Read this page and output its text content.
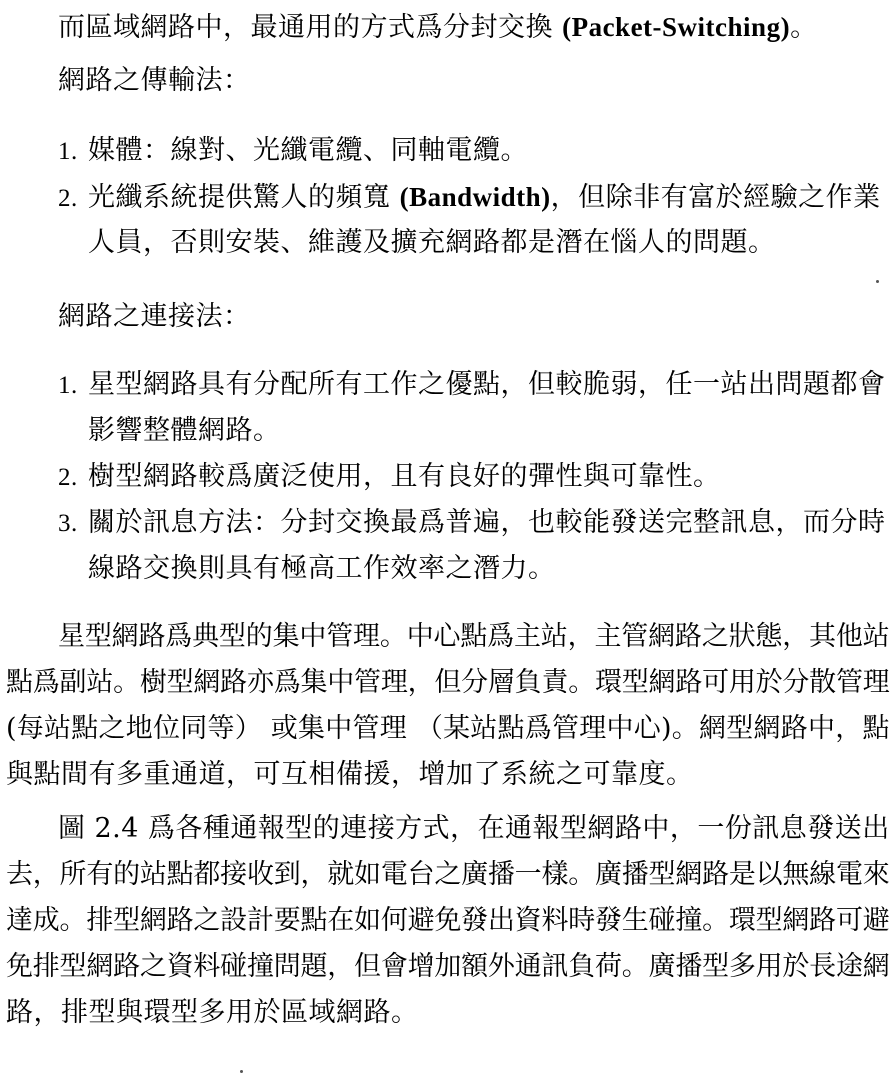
而區域網路中，最通用的方式爲分封交換 (Packet-Switching)。
網路之傳輸法：
1. 媒體：線對、光纖電纜、同軸電纜。
2. 光纖系統提供驚人的頻寬 (Bandwidth)，但除非有富於經驗之作業
人員，否則安裝、維護及擴充網路都是潛在惱人的問題。
網路之連接法：
1. 星型網路具有分配所有工作之優點，但較脆弱，任一站出問題都會
影響整體網路。
2. 樹型網路較爲廣泛使用，且有良好的彈性與可靠性。
3. 關於訊息方法：分封交換最爲普遍，也較能發送完整訊息，而分時
線路交換則具有極高工作效率之潛力。
星型網路爲典型的集中管理。中心點爲主站，主管網路之狀態，其他站
點爲副站。樹型網路亦爲集中管理，但分層負責。環型網路可用於分散管理
(每站點之地位同等） 或集中管理 （某站點爲管理中心)。網型網路中，點
與點間有多重通道，可互相備援，增加了系統之可靠度。
圖 2.4 爲各種通報型的連接方式，在通報型網路中，一份訊息發送出
去，所有的站點都接收到，就如電台之廣播一樣。廣播型網路是以無線電來
達成。排型網路之設計要點在如何避免發出資料時發生碰撞。環型網路可避
免排型網路之資料碰撞問題，但會增加額外通訊負荷。廣播型多用於長途網
路，排型與環型多用於區域網路。
